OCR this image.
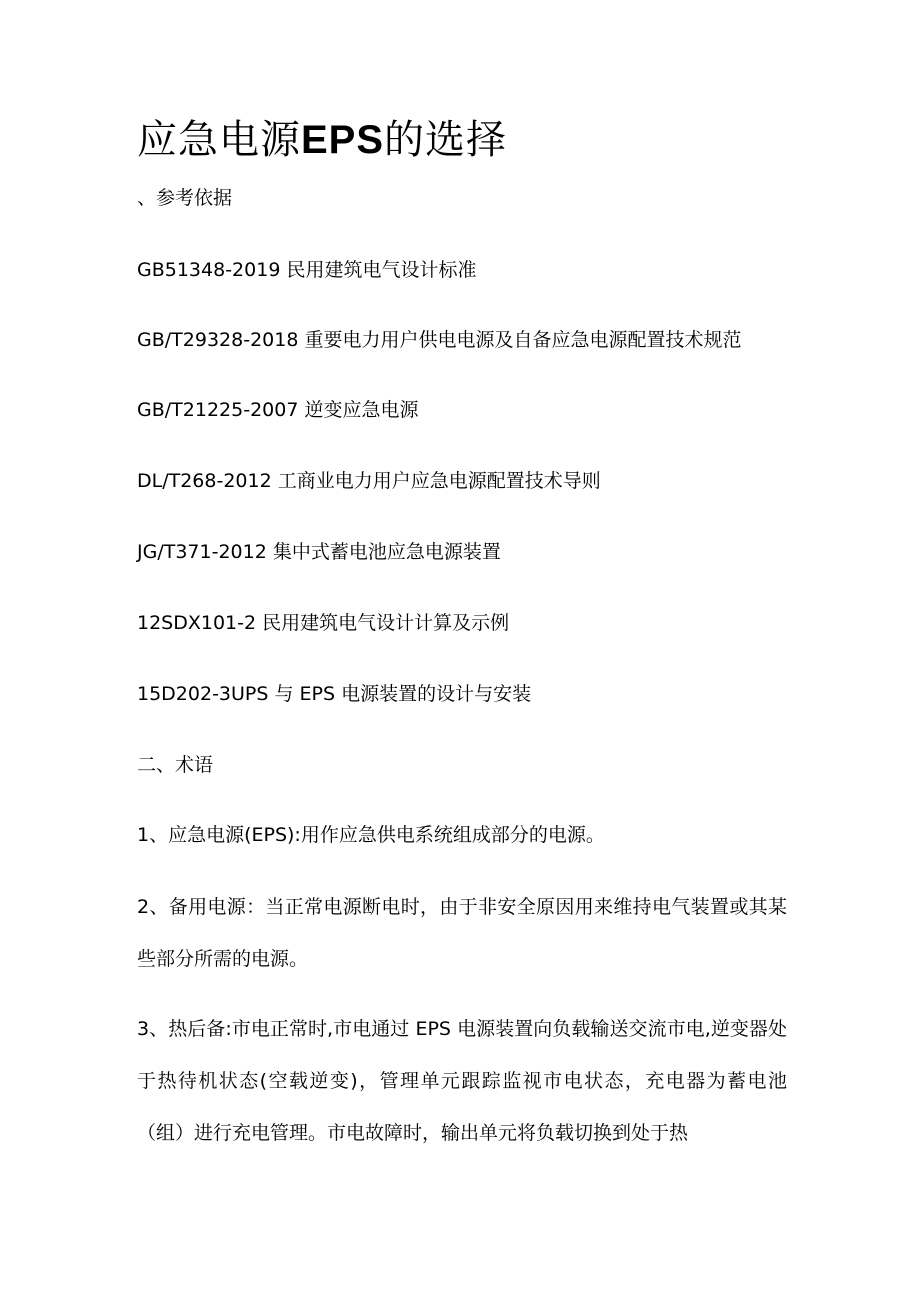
应急电源EPS的选择

、参考依据

GB51348-2019 民用建筑电气设计标准

GB/T29328-2018 重要电力用户供电电源及自备应急电源配置技术规范

GB/T21225-2007 逆变应急电源

DL/T268-2012 工商业电力用户应急电源配置技术导则

JG/T371-2012 集中式蓄电池应急电源装置

12SDX101-2 民用建筑电气设计计算及示例

15D202-3UPS 与 EPS 电源装置的设计与安装

二、术语

1、应急电源(EPS):用作应急供电系统组成部分的电源。

2、备用电源：当正常电源断电时，由于非安全原因用来维持电气装置或其某些部分所需的电源。

3、热后备:市电正常时,市电通过 EPS 电源装置向负载输送交流市电,逆变器处于热待机状态(空载逆变)，管理单元跟踪监视市电状态，充电器为蓄电池（组）进行充电管理。市电故障时，输出单元将负载切换到处于热
